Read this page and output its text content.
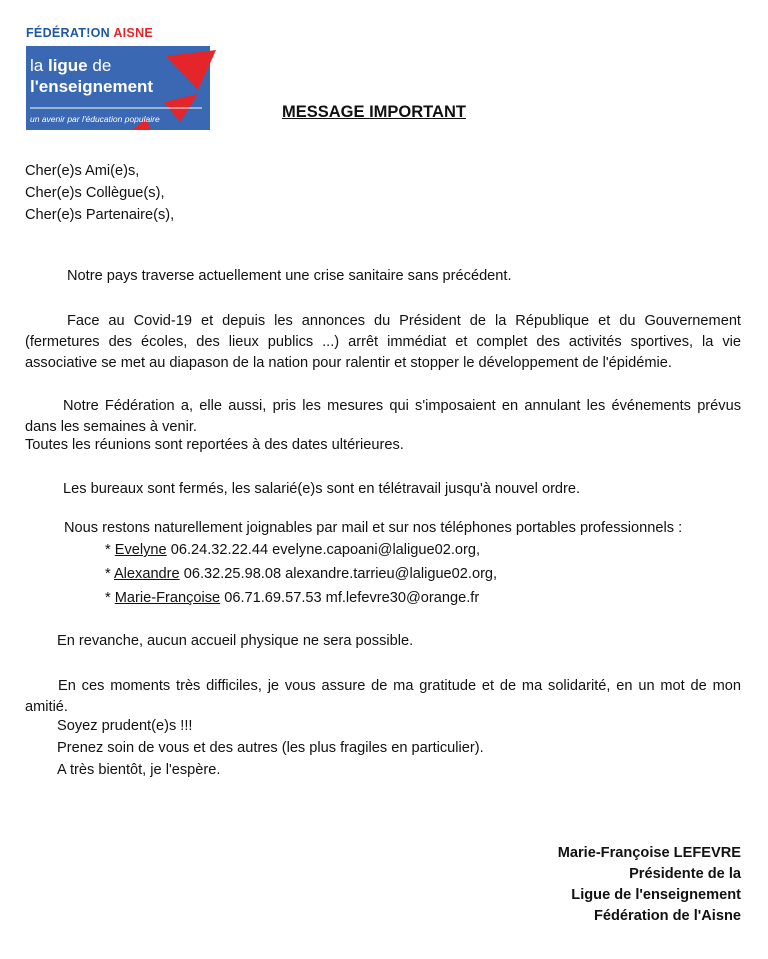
FÉDÉRAT!ON AISNE
la ligue de
l'enseignement
un avenir par l'éducation populaire	MESSAGE IMPORTANT
Cher(e)s Ami(e)s,
Cher(e)s Collègue(s),
Cher(e)s Partenaire(s),
Notre pays traverse actuellement une crise sanitaire sans précédent.
Face au Covid-19 et depuis les annonces du Président de la République et du Gouvernement (fermetures des écoles, des lieux publics ...) arrêt immédiat et complet des activités sportives, la vie associative se met au diapason de la nation pour ralentir et stopper le développement de l'épidémie.
Notre Fédération a, elle aussi, pris les mesures qui s'imposaient en annulant les événements prévus dans les semaines à venir.
Toutes les réunions sont reportées à des dates ultérieures.
Les bureaux sont fermés, les salarié(e)s sont en télétravail jusqu'à nouvel ordre.
Nous restons naturellement joignables par mail et sur nos téléphones portables professionnels :
* Evelyne 06.24.32.22.44 evelyne.capoani@laligue02.org,
* Alexandre 06.32.25.98.08 alexandre.tarrieu@laligue02.org,
* Marie-Françoise 06.71.69.57.53 mf.lefevre30@orange.fr
En revanche, aucun accueil physique ne sera possible.
En ces moments très difficiles, je vous assure de ma gratitude et de ma solidarité, en un mot de mon amitié.
Soyez prudent(e)s !!!
Prenez soin de vous et des autres (les plus fragiles en particulier).
A très bientôt, je l'espère.
Marie-Françoise LEFEVRE
Présidente de la
Ligue de l'enseignement
Fédération de l'Aisne
